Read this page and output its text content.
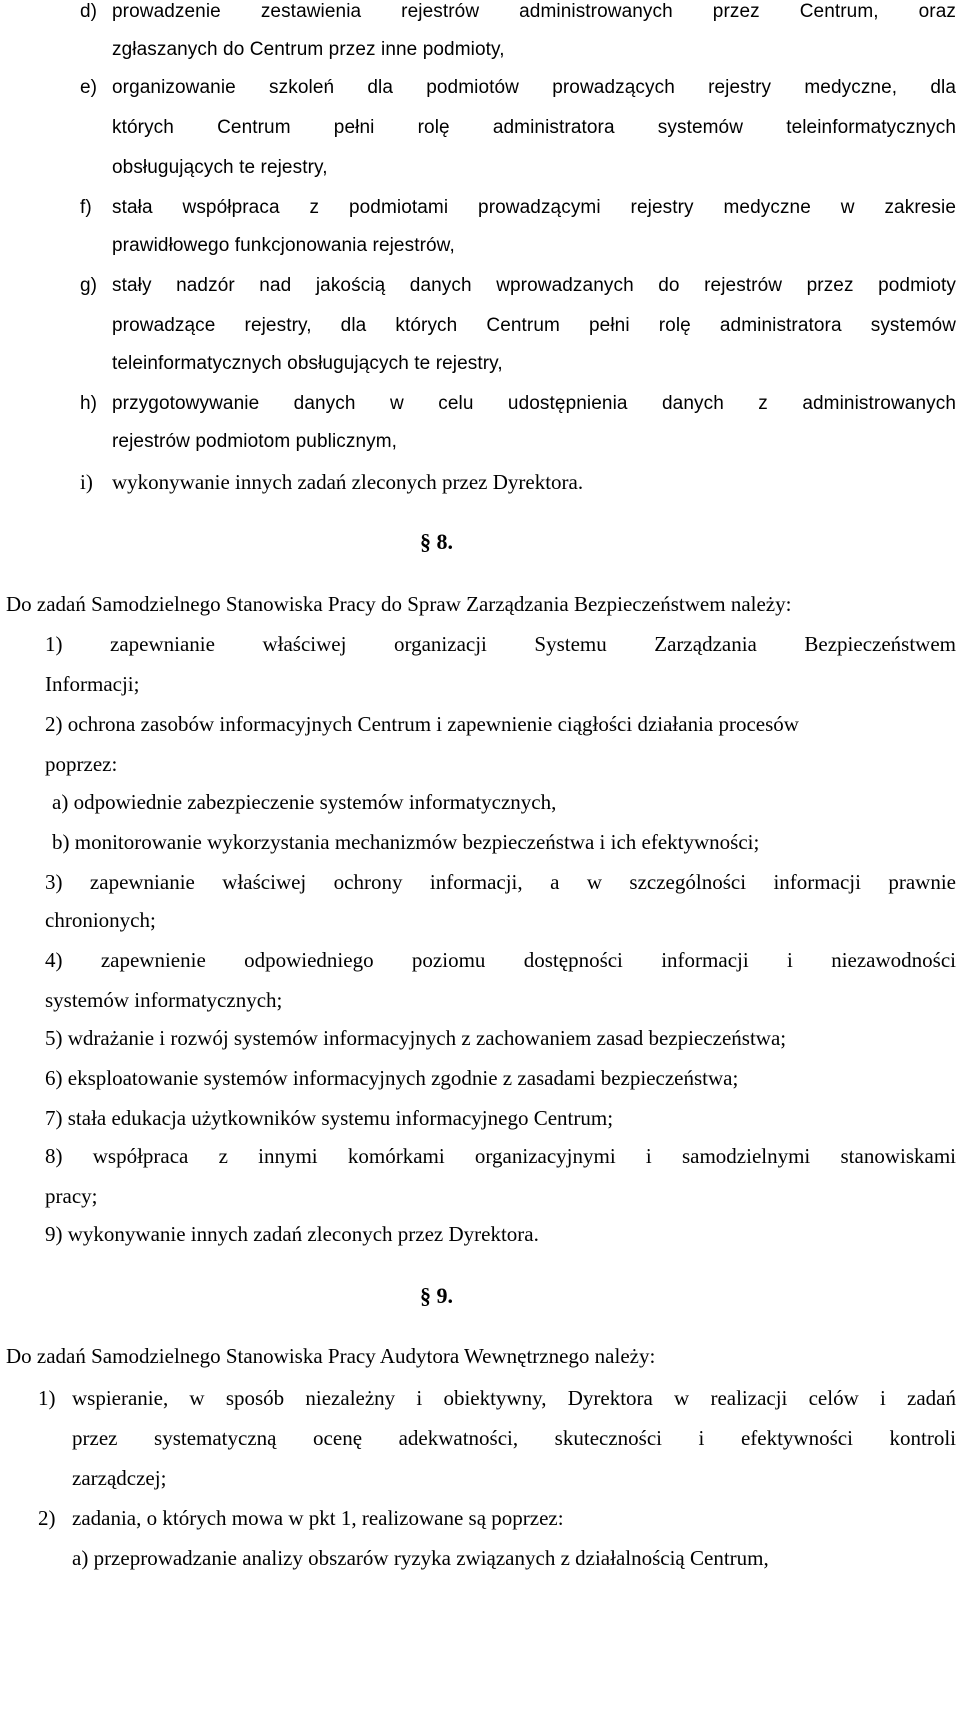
d) prowadzenie zestawienia rejestrów administrowanych przez Centrum, oraz
zgłaszanych do Centrum przez inne podmioty,
e) organizowanie szkoleń dla podmiotów prowadzących rejestry medyczne, dla
których Centrum pełni rolę administratora systemów teleinformatycznych
obsługujących te rejestry,
f) stała współpraca z podmiotami prowadzącymi rejestry medyczne w zakresie
prawidłowego funkcjonowania rejestrów,
g) stały nadzór nad jakością danych wprowadzanych do rejestrów przez podmioty
prowadzące rejestry, dla których Centrum pełni rolę administratora systemów
teleinformatycznych obsługujących te rejestry,
h) przygotowywanie danych w celu udostępnienia danych z administrowanych
rejestrów podmiotom publicznym,
i) wykonywanie innych zadań zleconych przez Dyrektora.
§ 8.
Do zadań Samodzielnego Stanowiska Pracy do Spraw Zarządzania Bezpieczeństwem należy:
1) zapewnianie właściwej organizacji Systemu Zarządzania Bezpieczeństwem
Informacji;
2) ochrona zasobów informacyjnych Centrum i zapewnienie ciągłości działania procesów
poprzez:
a) odpowiednie zabezpieczenie systemów informatycznych,
b) monitorowanie wykorzystania mechanizmów bezpieczeństwa i ich efektywności;
3) zapewnianie właściwej ochrony informacji, a w szczególności informacji prawnie
chronionych;
4) zapewnienie odpowiedniego poziomu dostępności informacji i niezawodności
systemów informatycznych;
5) wdrażanie i rozwój systemów informacyjnych z zachowaniem zasad bezpieczeństwa;
6) eksploatowanie systemów informacyjnych zgodnie z zasadami bezpieczeństwa;
7) stała edukacja użytkowników systemu informacyjnego Centrum;
8) współpraca z innymi komórkami organizacyjnymi i samodzielnymi stanowiskami
pracy;
9) wykonywanie innych zadań zleconych przez Dyrektora.
§ 9.
Do zadań Samodzielnego Stanowiska Pracy Audytora Wewnętrznego należy:
1) wspieranie, w sposób niezależny i obiektywny, Dyrektora w realizacji celów i zadań
przez systematyczną ocenę adekwatności, skuteczności i efektywności kontroli
zarządczej;
2) zadania, o których mowa w pkt 1, realizowane są poprzez:
a) przeprowadzanie analizy obszarów ryzyka związanych z działalnością Centrum,
